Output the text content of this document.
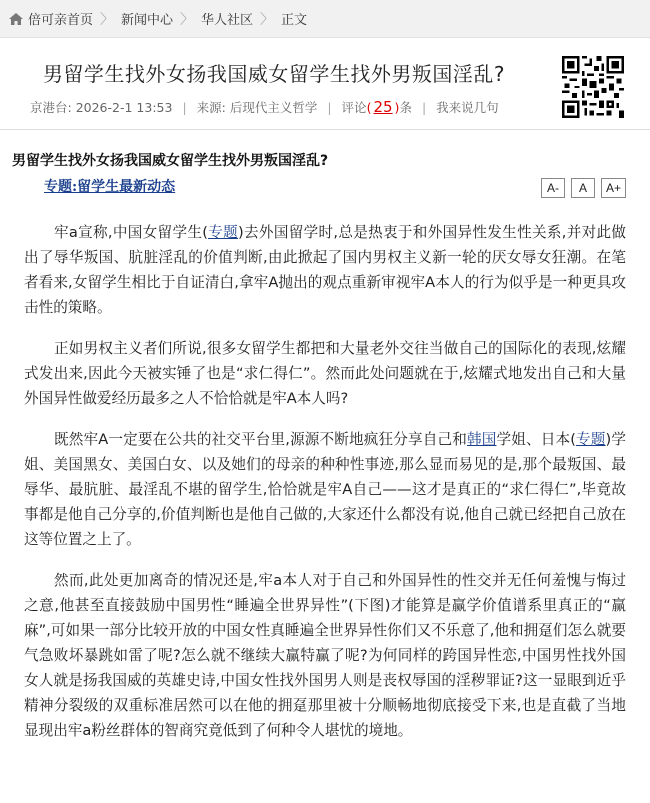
倍可亲首页 〉 新闻中心 〉 华人社区 〉 正文
男留学生找外女扬我国威女留学生找外男叛国淫乱?
京港台: 2026-2-1 13:53 | 来源: 后现代主义哲学 | 评论( 25 )条 | 我来说几句
男留学生找外女扬我国威女留学生找外男叛国淫乱?
专题:留学生最新动态	A-	A	A+

牢a宣称,中国女留学生(专题)去外国留学时,总是热衷于和外国异性发生性关系,并对此做出了辱华叛国、肮脏淫乱的价值判断,由此掀起了国内男权主义新一轮的厌女辱女狂潮。在笔者看来,女留学生相比于自证清白,拿牢A抛出的观点重新审视牢A本人的行为似乎是一种更具攻击性的策略。

正如男权主义者们所说,很多女留学生都把和大量老外交往当做自己的国际化的表现,炫耀式发出来,因此今天被实锤了也是“求仁得仁”。然而此处问题就在于,炫耀式地发出自己和大量外国异性做爱经历最多之人不恰恰就是牢A本人吗?

既然牢A一定要在公共的社交平台里,源源不断地疯狂分享自己和韩国学姐、日本(专题)学姐、美国黑女、美国白女、以及她们的母亲的种种性事迹,那么显而易见的是,那个最叛国、最辱华、最肮脏、最淫乱不堪的留学生,恰恰就是牢A自己——这才是真正的“求仁得仁”,毕竟故事都是他自己分享的,价值判断也是他自己做的,大家还什么都没有说,他自己就已经把自己放在这等位置之上了。

然而,此处更加离奇的情况还是,牢a本人对于自己和外国异性的性交并无任何羞愧与悔过之意,他甚至直接鼓励中国男性“睡遍全世界异性”(下图)才能算是赢学价值谱系里真正的“赢麻”,可如果一部分比较开放的中国女性真睡遍全世界异性你们又不乐意了,他和拥趸们怎么就要气急败坏暴跳如雷了呢?怎么就不继续大赢特赢了呢?为何同样的跨国异性恋,中国男性找外国女人就是扬我国威的英雄史诗,中国女性找外国男人则是丧权辱国的淫秽罪证?这一显眼到近乎精神分裂级的双重标准居然可以在他的拥趸那里被十分顺畅地彻底接受下来,也是直截了当地显现出牢a粉丝群体的智商究竟低到了何种令人堪忧的境地。
